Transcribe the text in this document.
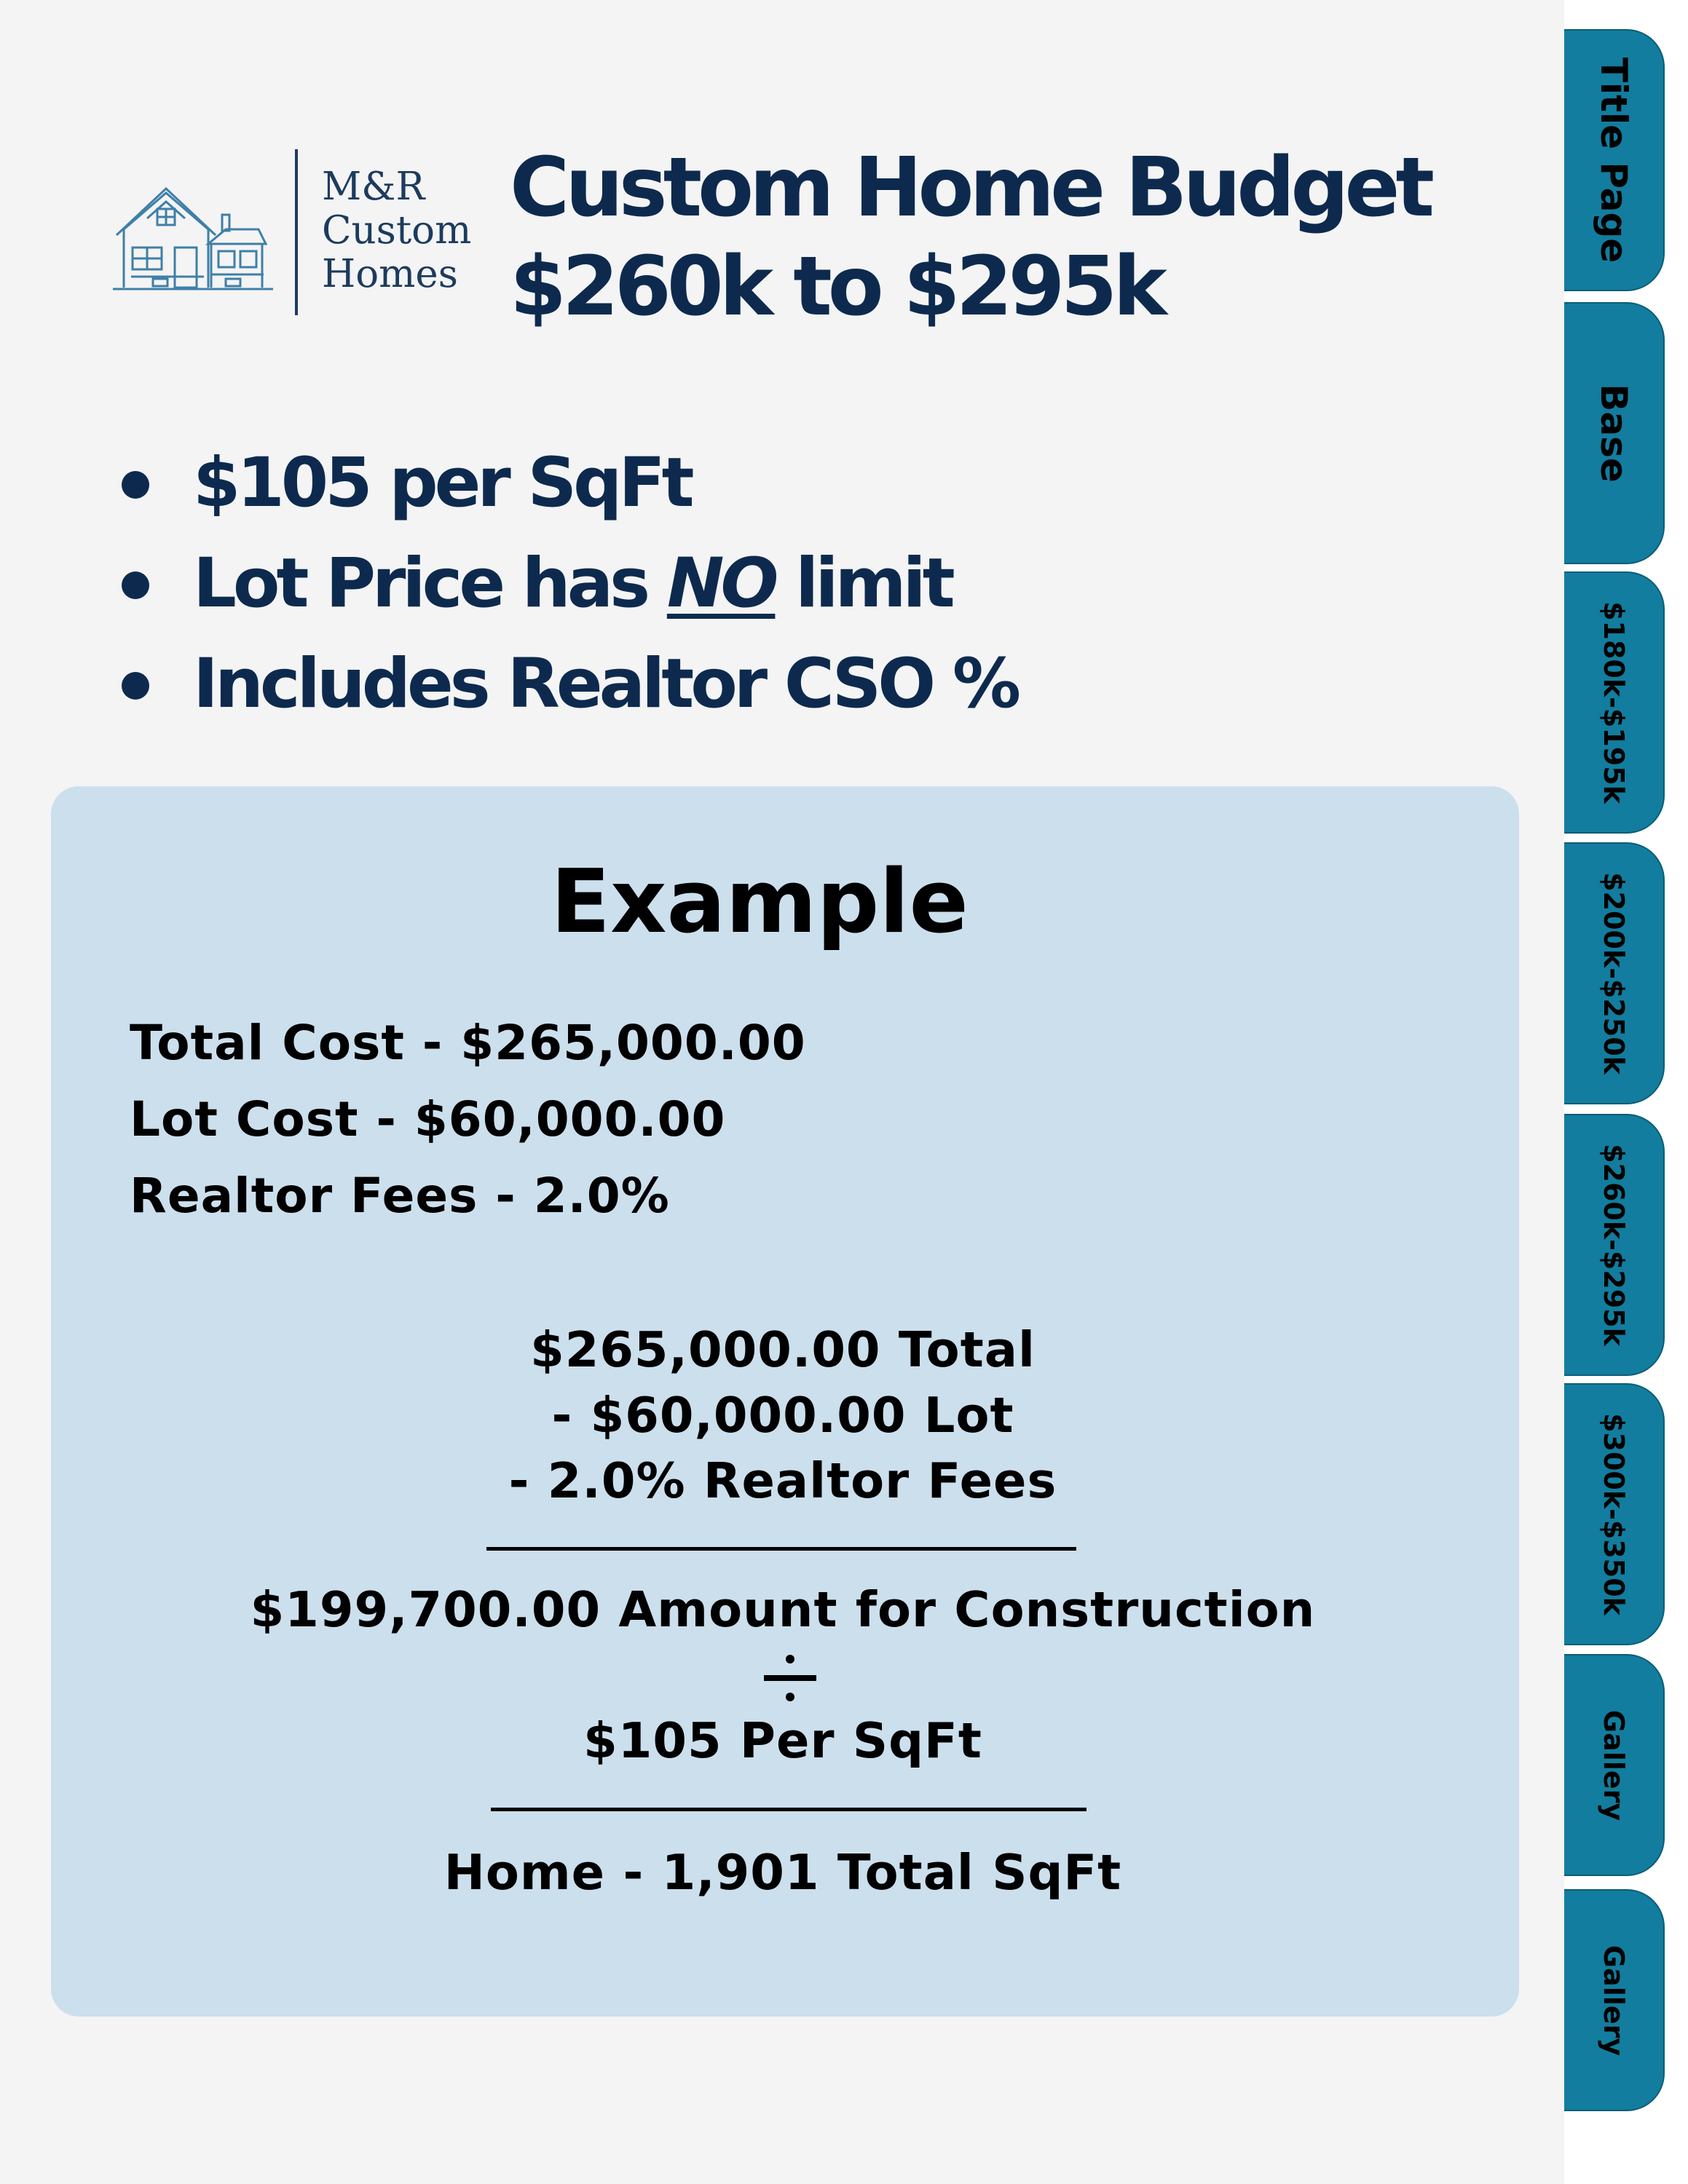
M&R
Custom
Homes
Custom Home Budget
$260k to $295k
$105 per SqFt
Lot Price has NO limit
Includes Realtor CSO %
Example
Total Cost - $265,000.00
Lot Cost - $60,000.00
Realtor Fees - 2.0%
$265,000.00 Total
- $60,000.00 Lot
- 2.0% Realtor Fees
$199,700.00 Amount for Construction
$105 Per SqFt
Home - 1,901 Total SqFt
Title Page
Base
$180k-$195k
$200k-$250k
$260k-$295k
$300k-$350k
Gallery
Gallery
